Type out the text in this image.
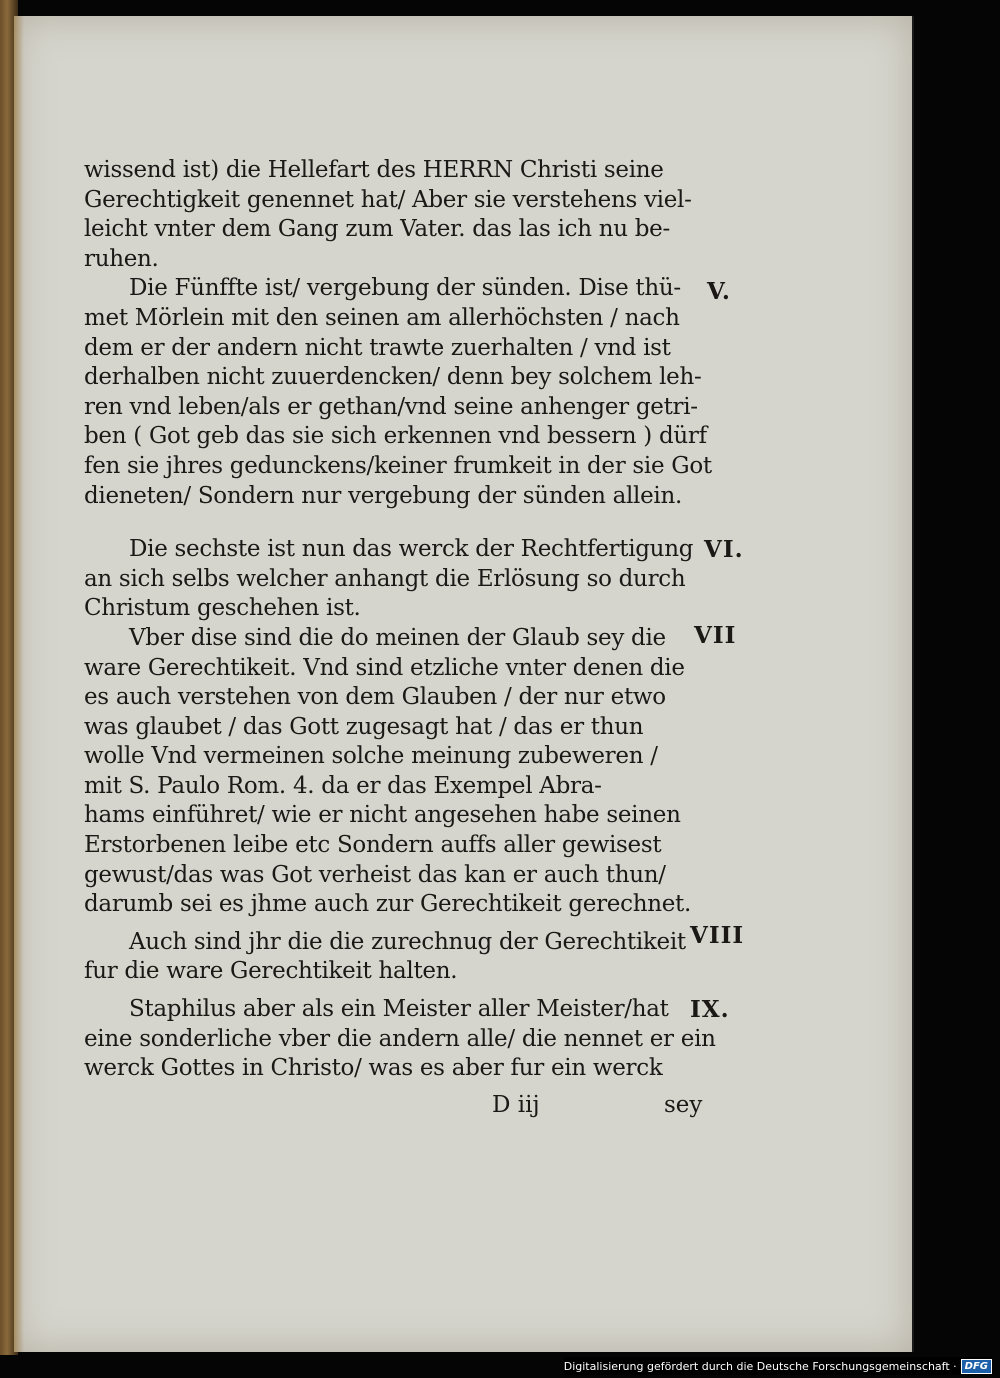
wissend ist) die Hellefart des HERRN Christi seine
Gerechtigkeit genennet hat/ Aber sie verstehens viel-
leicht vnter dem Gang zum Vater. das las ich nu be-
ruhen.
Die Fünffte ist/ vergebung der sünden. Dise thü-
met Mörlein mit den seinen am allerhöchsten / nach
dem er der andern nicht trawte zuerhalten / vnd ist
derhalben nicht zuuerdencken/ denn bey solchem leh-
ren vnd leben/als er gethan/vnd seine anhenger getri-
ben ( Got geb das sie sich erkennen vnd bessern ) dürf
fen sie jhres gedunckens/keiner frumkeit in der sie Got
dieneten/ Sondern nur vergebung der sünden allein.
Die sechste ist nun das werck der Rechtfertigung
an sich selbs welcher anhangt die Erlösung so durch
Christum geschehen ist.
Vber dise sind die do meinen der Glaub sey die
ware Gerechtikeit. Vnd sind etzliche vnter denen die
es auch verstehen von dem Glauben / der nur etwo
was glaubet / das Gott zugesagt hat / das er thun
wolle Vnd vermeinen solche meinung zubeweren /
mit S. Paulo Rom. 4. da er das Exempel Abra-
hams einführet/ wie er nicht angesehen habe seinen
Erstorbenen leibe etc Sondern auffs aller gewisest
gewust/das was Got verheist das kan er auch thun/
darumb sei es jhme auch zur Gerechtikeit gerechnet.
Auch sind jhr die die zurechnug der Gerechtikeit
fur die ware Gerechtikeit halten.
Staphilus aber als ein Meister aller Meister/hat
eine sonderliche vber die andern alle/ die nennet er ein
werck Gottes in Christo/ was es aber fur ein werck
V.
VI.
VII
VIII
IX.
D iij	sey
Digitalisierung gefördert durch die Deutsche Forschungsgemeinschaft · DFG
